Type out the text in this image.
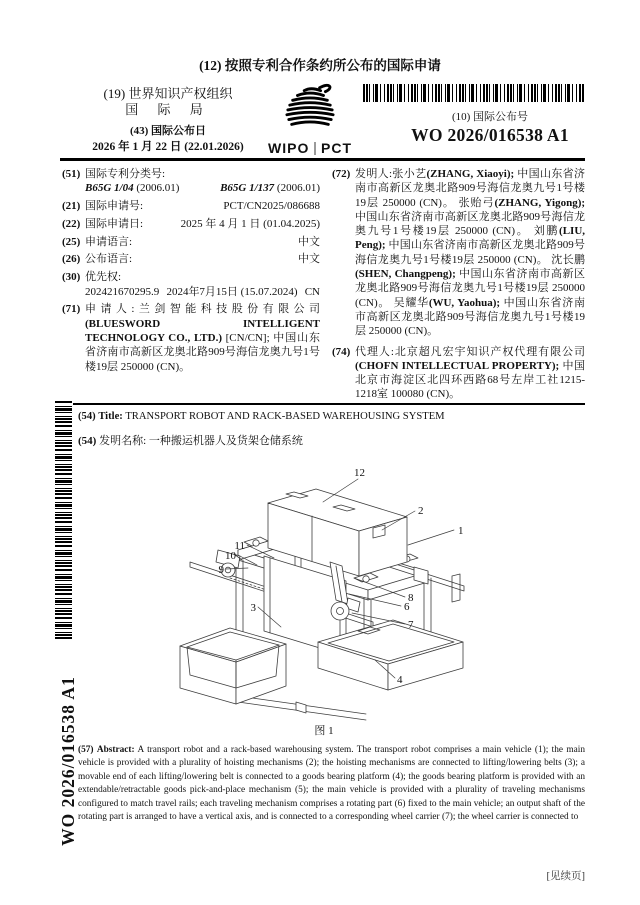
(12) 按照专利合作条约所公布的国际申请
(19) 世界知识产权组织
国 际 局
(43) 国际公布日
2026 年 1 月 22 日 (22.01.2026)	WIPO PCT
(10) 国际公布号
WO 2026/016538 A1
(51) 国际专利分类号:
B65G 1/04 (2006.01)	B65G 1/137 (2006.01)
(21) 国际申请号:	PCT/CN2025/086688
(22) 国际申请日:	2025 年 4 月 1 日 (01.04.2025)
(25) 申请语言:	中文
(26) 公布语言:	中文
(30) 优先权:
202421670295.9 2024年7月15日 (15.07.2024) CN
(71) 申请人:兰剑智能科技股份有限公司(BLUESWORD INTELLIGENT TECHNOLOGY CO., LTD.) [CN/CN]; 中国山东省济南市高新区龙奥北路909号海信龙奥九号1号楼19层 250000 (CN)。
(72) 发明人:张小艺(ZHANG, Xiaoyi); 中国山东省济南市高新区龙奥北路909号海信龙奥九号1号楼19层 250000 (CN)。 张贻弓(ZHANG, Yigong); 中国山东省济南市高新区龙奥北路909号海信龙奥九号1号楼19层 250000 (CN)。 刘鹏(LIU, Peng); 中国山东省济南市高新区龙奥北路909号海信龙奥九号1号楼19层 250000 (CN)。 沈长鹏(SHEN, Changpeng); 中国山东省济南市高新区龙奥北路909号海信龙奥九号1号楼19层 250000 (CN)。 吴耀华(WU, Yaohua); 中国山东省济南市高新区龙奥北路909号海信龙奥九号1号楼19层 250000 (CN)。
(74) 代理人:北京超凡宏宇知识产权代理有限公司(CHOFN INTELLECTUAL PROPERTY); 中国北京市海淀区北四环西路68号左岸工社1215-1218室 100080 (CN)。
(54) Title: TRANSPORT ROBOT AND RACK-BASED WAREHOUSING SYSTEM
(54) 发明名称: 一种搬运机器人及货架仓储系统
1
2
3
4
6
7
8
9
10
11
12
图 1
(57) Abstract: A transport robot and a rack-based warehousing system. The transport robot comprises a main vehicle (1); the main vehicle is provided with a plurality of hoisting mechanisms (2); the hoisting mechanisms are connected to lifting/lowering belts (3); a movable end of each lifting/lowering belt is connected to a goods bearing platform (4); the goods bearing platform is provided with an extendable/retractable goods pick-and-place mechanism (5); the main vehicle is provided with a plurality of traveling mechanisms configured to match travel rails; each traveling mechanism comprises a rotating part (6) fixed to the main vehicle; an output shaft of the rotating part is arranged to have a vertical axis, and is connected to a corresponding wheel carrier (7); the wheel carrier is connected to
WO 2026/016538 A1
[见续页]
